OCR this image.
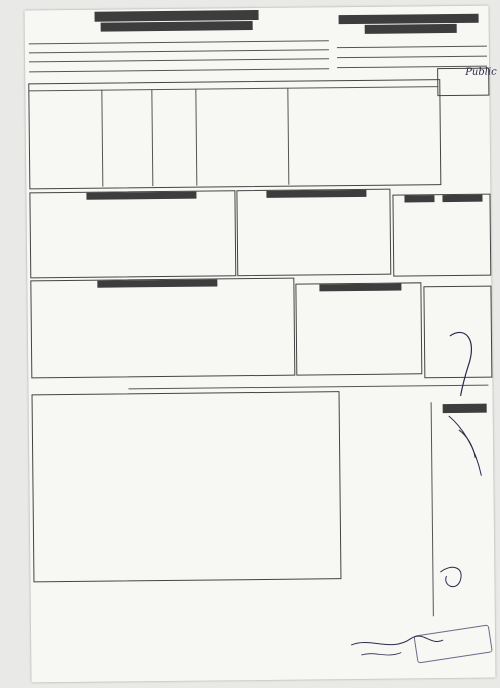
Public
